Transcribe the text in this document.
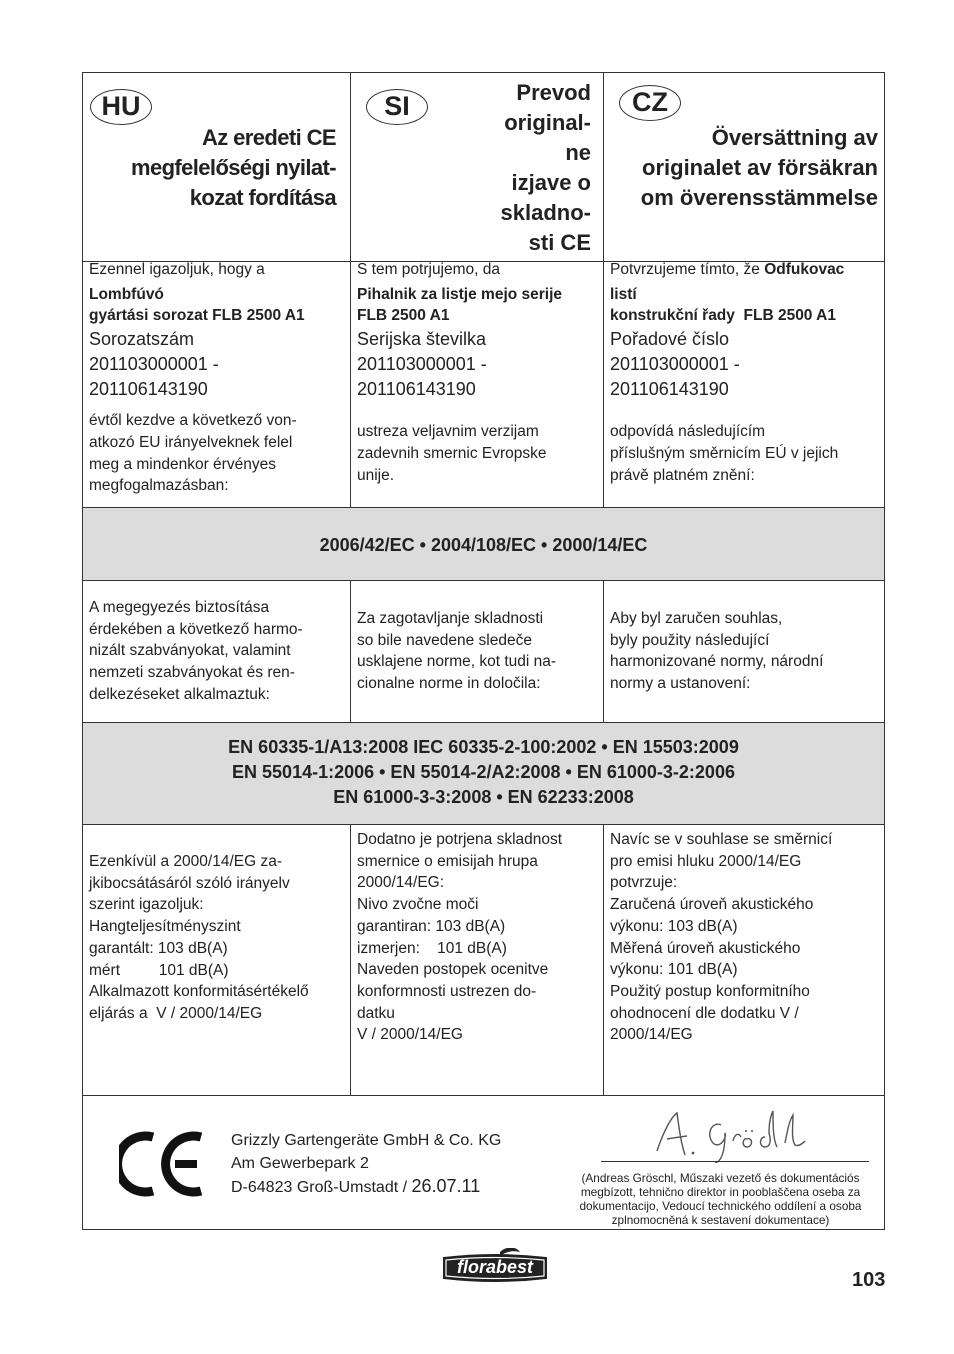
2006/42/EC • 2004/108/EC • 2000/14/EC
EN 60335-1/A13:2008 IEC 60335-2-100:2002 • EN 15503:2009
EN 55014-1:2006 • EN 55014-2/A2:2008 • EN 61000-3-2:2006
EN 61000-3-3:2008 • EN 62233:2008
HU
Az eredeti CE
megfelelőségi nyilat-
kozat fordítása
SI	Prevod
original-
ne
izjave o
skladno-
sti CE
CZ
Översättning av
originalet av försäkran
om överensstämmelse
Ezennel igazoljuk, hogy a
Lombfúvó
gyártási sorozat FLB 2500 A1
Sorozatszám
201103000001 -
201106143190
évtől kezdve a következő von-
atkozó EU irányelveknek felel
meg a mindenkor érvényes
megfogalmazásban:
S tem potrjujemo, da
Pihalnik za listje mejo serije
FLB 2500 A1
Serijska številka
201103000001 -
201106143190
ustreza veljavnim verzijam
zadevnih smernic Evropske
unije.
Potvrzujeme tímto, že Odfukovac
listí
konstrukční řady  FLB 2500 A1
Pořadové číslo
201103000001 -
201106143190
odpovídá následujícím
příslušným směrnicím EÚ v jejich
právě platném znění:
A megegyezés biztosítása
érdekében a következő harmo-
nizált szabványokat, valamint
nemzeti szabványokat és ren-
delkezéseket alkalmaztuk:
Za zagotavljanje skladnosti
so bile navedene sledeče
usklajene norme, kot tudi na-
cionalne norme in določila:
Aby byl zaručen souhlas,
byly použity následující
harmonizované normy, národní
normy a ustanovení:
Ezenkívül a 2000/14/EG za-
jkibocsátásáról szóló irányelv
szerint igazoljuk:
Hangteljesítményszint
garantált: 103 dB(A)
mért         101 dB(A)
Alkalmazott konformitásértékelő
eljárás a  V / 2000/14/EG
Dodatno je potrjena skladnost
smernice o emisijah hrupa
2000/14/EG:
Nivo zvočne moči
garantiran: 103 dB(A)
izmerjen:    101 dB(A)
Naveden postopek ocenitve
konformnosti ustrezen do-
datku
V / 2000/14/EG
Navíc se v souhlase se směrnicí
pro emisi hluku 2000/14/EG
potvrzuje:
Zaručená úroveň akustického
výkonu: 103 dB(A)
Měřená úroveň akustického
výkonu: 101 dB(A)
Použitý postup konformitního
ohodnocení dle dodatku V /
2000/14/EG
Grizzly Gartengeräte GmbH & Co. KG
Am Gewerbepark 2
D-64823 Groß-Umstadt / 26.07.11	(Andreas Gröschl, Műszaki vezető és dokumentációs megbízott, tehnično direktor in pooblaščena oseba za dokumentacijo, Vedoucí technického oddílení a osoba zplnomocněná k sestavení dokumentace)
florabest
103
